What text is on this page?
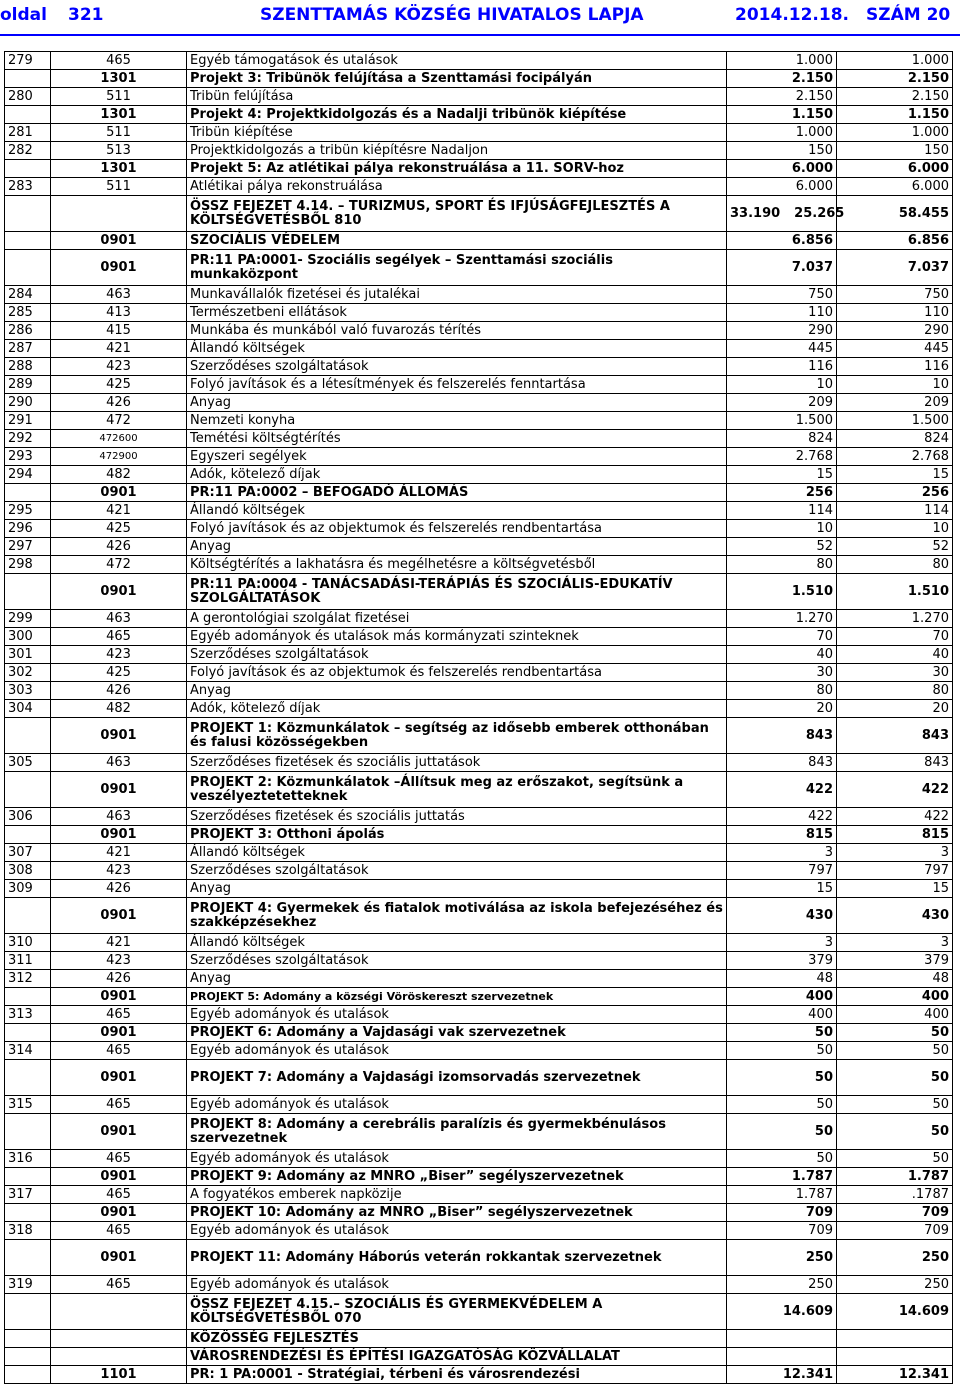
oldal 321	SZENTTAMÁS KÖZSÉG HIVATALOS LAPJA	2014.12.18. SZÁM 20
279	465	Egyéb támogatások és utalások	1.000	1.000
	1301	Projekt 3: Tribünök felújítása a Szenttamási focipályán	2.150	2.150
280	511	Tribün felújítása	2.150	2.150
	1301	Projekt 4: Projektkidolgozás és a Nadalji tribünök kiépítése	1.150	1.150
281	511	Tribün kiépítése	1.000	1.000
282	513	Projektkidolgozás a tribün kiépítésre Nadaljon	150	150
	1301	Projekt 5: Az atlétikai pálya rekonstruálása a 11. SORV-hoz	6.000	6.000
283	511	Atlétikai pálya rekonstruálása	6.000	6.000
		ÖSSZ FEJEZET 4.14. – TURIZMUS, SPORT ÉS IFJÚSÁGFEJLESZTÉS A KÖLTSÉGVETÉSBŐL 810	33.190 25.265	58.455
	0901	SZOCIÁLIS VÉDELEM	6.856	6.856
	0901	PR:11 PA:0001- Szociális segélyek – Szenttamási szociális munkaközpont	7.037	7.037
284	463	Munkavállalók fizetései és jutalékai	750	750
285	413	Természetbeni ellátások	110	110
286	415	Munkába és munkából való fuvarozás térítés	290	290
287	421	Állandó költségek	445	445
288	423	Szerződéses szolgáltatások	116	116
289	425	Folyó javítások és a létesítmények és felszerelés fenntartása	10	10
290	426	Anyag	209	209
291	472	Nemzeti konyha	1.500	1.500
292	472600	Temétési költségtérítés	824	824
293	472900	Egyszeri segélyek	2.768	2.768
294	482	Adók, kötelező díjak	15	15
	0901	PR:11 PA:0002 – BEFOGADÓ ÁLLOMÁS	256	256
295	421	Állandó költségek	114	114
296	425	Folyó javítások és az objektumok és felszerelés rendbentartása	10	10
297	426	Anyag	52	52
298	472	Költségtérítés a lakhatásra és megélhetésre a költségvetésből	80	80
	0901	PR:11 PA:0004 - TANÁCSADÁSI-TERÁPIÁS ÉS SZOCIÁLIS-EDUKATÍV SZOLGÁLTATÁSOK	1.510	1.510
299	463	A gerontológiai szolgálat fizetései	1.270	1.270
300	465	Egyéb adományok és utalások más kormányzati szinteknek	70	70
301	423	Szerződéses szolgáltatások	40	40
302	425	Folyó javítások és az objektumok és felszerelés rendbentartása	30	30
303	426	Anyag	80	80
304	482	Adók, kötelező díjak	20	20
	0901	PROJEKT 1: Közmunkálatok – segítség az idősebb emberek otthonában és falusi közösségekben	843	843
305	463	Szerződéses fizetések és szociális juttatások	843	843
	0901	PROJEKT 2: Közmunkálatok –Állítsuk meg az erőszakot, segítsünk a veszélyeztetetteknek	422	422
306	463	Szerződéses fizetések és szociális juttatás	422	422
	0901	PROJEKT 3: Otthoni ápolás	815	815
307	421	Állandó költségek	3	3
308	423	Szerződéses szolgáltatások	797	797
309	426	Anyag	15	15
	0901	PROJEKT 4: Gyermekek és fiatalok motiválása az iskola befejezéséhez és szakképzésekhez	430	430
310	421	Állandó költségek	3	3
311	423	Szerződéses szolgáltatások	379	379
312	426	Anyag	48	48
	0901	PROJEKT 5: Adomány a községi Vöröskereszt szervezetnek	400	400
313	465	Egyéb adományok és utalások	400	400
	0901	PROJEKT 6: Adomány a Vajdasági vak szervezetnek	50	50
314	465	Egyéb adományok és utalások	50	50
	0901	PROJEKT 7: Adomány a Vajdasági izomsorvadás szervezetnek	50	50
315	465	Egyéb adományok és utalások	50	50
	0901	PROJEKT 8: Adomány a cerebrális paralízis és gyermekbénulásos szervezetnek	50	50
316	465	Egyéb adományok és utalások	50	50
	0901	PROJEKT 9: Adomány az MNRO „Biser” segélyszervezetnek	1.787	1.787
317	465	A fogyatékos emberek napközije	1.787	.1787
	0901	PROJEKT 10: Adomány az MNRO „Biser” segélyszervezetnek	709	709
318	465	Egyéb adományok és utalások	709	709
	0901	PROJEKT 11: Adomány Háborús veterán rokkantak szervezetnek	250	250
319	465	Egyéb adományok és utalások	250	250
		ÖSSZ FEJEZET 4.15.– SZOCIÁLIS ÉS GYERMEKVÉDELEM A KÖLTSÉGVETÉSBŐL 070	14.609	14.609
		KÖZÖSSÉG FEJLESZTÉS		
		VÁROSRENDEZÉSI ÉS ÉPÍTÉSI IGAZGATÓSÁG KÖZVÁLLALAT		
	1101	PR: 1 PA:0001 - Stratégiai, térbeni és városrendezési	12.341	12.341
